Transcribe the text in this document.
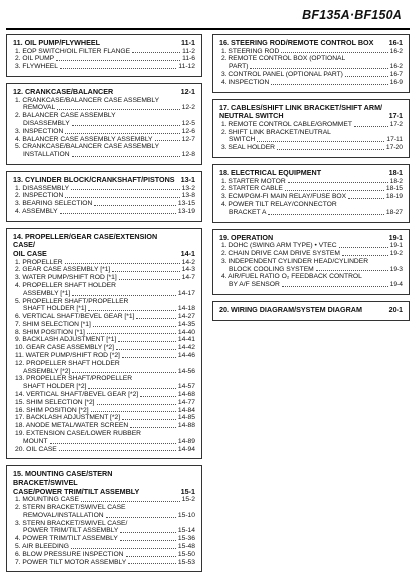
BF135A·BF150A
11. OIL PUMP/FLYWHEEL	11-1
1. EOP SWITCH/OIL FILTER FLANGE	11-2
2. OIL PUMP	11-6
3. FLYWHEEL	11-12
12. CRANKCASE/BALANCER	12-1
1. CRANKCASE/BALANCER CASE ASSEMBLY
REMOVAL	12-2
2. BALANCER CASE ASSEMBLY
DISASSEMBLY	12-5
3. INSPECTION	12-6
4. BALANCER CASE ASSEMBLY ASSEMBLY	12-7
5. CRANKCASE/BALANCER CASE ASSEMBLY
INSTALLATION	12-8
13. CYLINDER BLOCK/CRANKSHAFT/PISTONS 13-1
1. DISASSEMBLY	13-2
2. INSPECTION	13-8
3. BEARING SELECTION	13-15
4. ASSEMBLY	13-19
14. PROPELLER/GEAR CASE/EXTENSION CASE/
OIL CASE	14-1
1. PROPELLER	14-2
2. GEAR CASE ASSEMBLY [*1]	14-3
3. WATER PUMP/SHIFT ROD [*1]	14-7
4. PROPELLER SHAFT HOLDER
ASSEMBLY [*1]	14-17
5. PROPELLER SHAFT/PROPELLER
SHAFT HOLDER [*1]	14-18
6. VERTICAL SHAFT/BEVEL GEAR [*1]	14-27
7. SHIM SELECTION [*1]	14-35
8. SHIM POSITION [*1]	14-40
9. BACKLASH ADJUSTMENT [*1]	14-41
10. GEAR CASE ASSEMBLY [*2]	14-42
11. WATER PUMP/SHIFT ROD [*2]	14-46
12. PROPELLER SHAFT HOLDER
ASSEMBLY [*2]	14-56
13. PROPELLER SHAFT/PROPELLER
SHAFT HOLDER [*2]	14-57
14. VERTICAL SHAFT/BEVEL GEAR [*2]	14-68
15. SHIM SELECTION [*2]	14-77
16. SHIM POSITION [*2]	14-84
17. BACKLASH ADJUSTMENT [*2]	14-85
18. ANODE METAL/WATER SCREEN	14-88
19. EXTENSION CASE/LOWER RUBBER
MOUNT	14-89
20. OIL CASE	14-94
15. MOUNTING CASE/STERN BRACKET/SWIVEL
CASE/POWER TRIM/TILT ASSEMBLY	15-1
1. MOUNTING CASE	15-2
2. STERN BRACKET/SWIVEL CASE
REMOVAL/INSTALLATION	15-10
3. STERN BRACKET/SWIVEL CASE/
POWER TRIM/TILT ASSEMBLY	15-14
4. POWER TRIM/TILT ASSEMBLY	15-36
5. AIR BLEEDING	15-48
6. BLOW PRESSURE INSPECTION	15-50
7. POWER TILT MOTOR ASSEMBLY	15-53
16. STEERING ROD/REMOTE CONTROL BOX	16-1
1. STEERING ROD	16-2
2. REMOTE CONTROL BOX (OPTIONAL
PART)	16-2
3. CONTROL PANEL (OPTIONAL PART)	16-7
4. INSPECTION	16-9
17. CABLES/SHIFT LINK BRACKET/SHIFT ARM/
NEUTRAL SWITCH	17-1
1. REMOTE CONTROL CABLE/GROMMET	17-2
2. SHIFT LINK BRACKET/NEUTRAL
SWITCH	17-11
3. SEAL HOLDER	17-20
18. ELECTRICAL EQUIPMENT	18-1
1. STARTER MOTOR	18-2
2. STARTER CABLE	18-15
3. ECM/PGM-FI MAIN RELAY/FUSE BOX	18-19
4. POWER TILT RELAY/CONNECTOR
BRACKET A	18-27
19. OPERATION	19-1
1. DOHC (SWING ARM TYPE) • VTEC	19-1
2. CHAIN DRIVE CAM DRIVE SYSTEM	19-2
3. INDEPENDENT CYLINDER HEAD/CYLINDER
BLOCK COOLING SYSTEM	19-3
4. AIR/FUEL RATIO O₂ FEEDBACK CONTROL
BY A/F SENSOR	19-4
20. WIRING DIAGRAM/SYSTEM DIAGRAM	20-1
